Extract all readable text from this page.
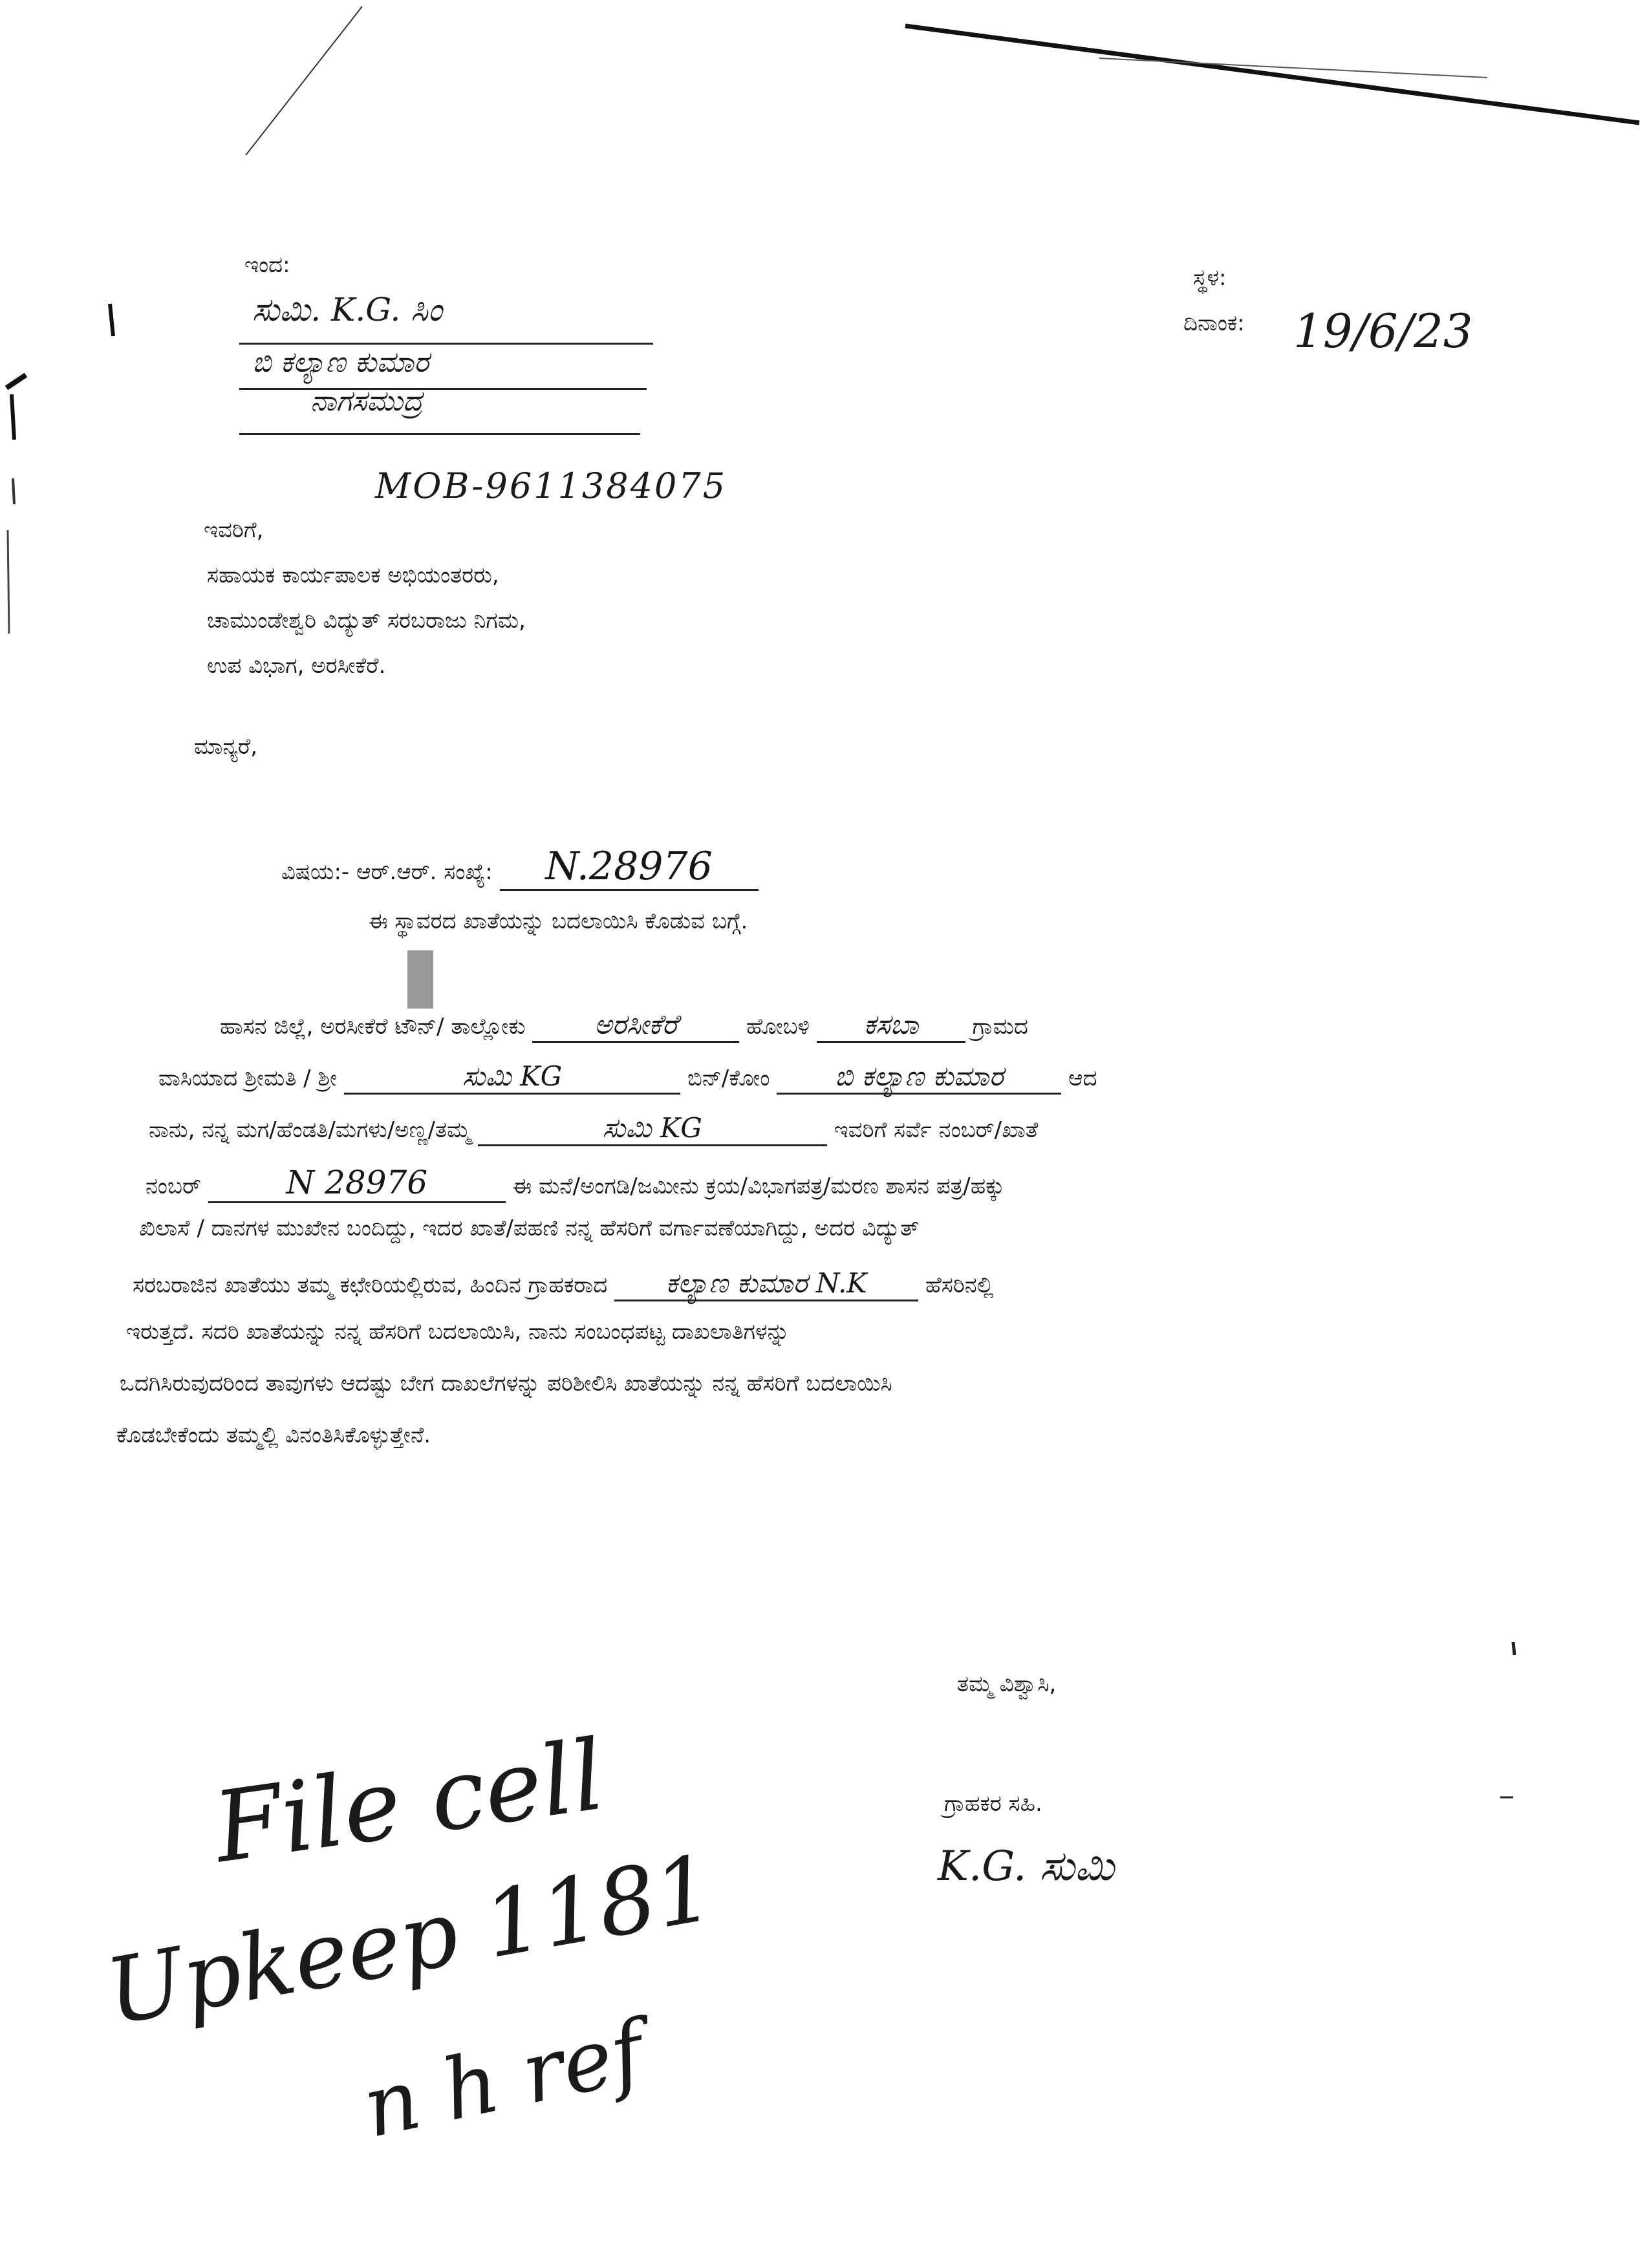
ಇಂದ:
ಸುಮಿ. K.G. ಸಿಂ
ಬಿ ಕಲ್ಯಾಣ ಕುಮಾರ
ನಾಗಸಮುದ್ರ
MOB-9611384075
ಸ್ಥಳ:
ದಿನಾಂಕ: 19/6/23
ಇವರಿಗೆ,
ಸಹಾಯಕ ಕಾರ್ಯಪಾಲಕ ಅಭಿಯಂತರರು,
ಚಾಮುಂಡೇಶ್ವರಿ ವಿದ್ಯುತ್ ಸರಬರಾಜು ನಿಗಮ,
ಉಪ ವಿಭಾಗ, ಅರಸೀಕೆರೆ.
ಮಾನ್ಯರೆ,
ವಿಷಯ:- ಆರ್.ಆರ್. ಸಂಖ್ಯೆ: N.28976
ಈ ಸ್ಥಾವರದ ಖಾತೆಯನ್ನು ಬದಲಾಯಿಸಿ ಕೊಡುವ ಬಗ್ಗೆ.
ಹಾಸನ ಜಿಲ್ಲೆ, ಅರಸೀಕೆರೆ ಟೌನ್/ ತಾಲ್ಲೋಕು	ಅರಸೀಕೆರೆ	ಹೋಬಳಿ ಕಸಬಾ ಗ್ರಾಮದ
ವಾಸಿಯಾದ ಶ್ರೀಮತಿ / ಶ್ರೀ	ಸುಮಿ KG	ಬಿನ್/ಕೋಂ ಬಿ ಕಲ್ಯಾಣ ಕುಮಾರ	ಆದ
ನಾನು, ನನ್ನ ಮಗ/ಹೆಂಡತಿ/ಮಗಳು/ಅಣ್ಣ/ತಮ್ಮ	ಸುಮಿ KG	ಇವರಿಗೆ ಸರ್ವೆ ನಂಬರ್/ಖಾತೆ
ನಂಬರ್	N 28976	ಈ ಮನೆ/ಅಂಗಡಿ/ಜಮೀನು ಕ್ರಯ/ವಿಭಾಗಪತ್ರ/ಮರಣ ಶಾಸನ ಪತ್ರ/ಹಕ್ಕು
ಖಿಲಾಸೆ / ದಾನಗಳ ಮುಖೇನ ಬಂದಿದ್ದು, ಇದರ ಖಾತೆ/ಪಹಣಿ ನನ್ನ ಹೆಸರಿಗೆ ವರ್ಗಾವಣೆಯಾಗಿದ್ದು, ಅದರ ವಿದ್ಯುತ್
ಸರಬರಾಜಿನ ಖಾತೆಯು ತಮ್ಮ ಕಛೇರಿಯಲ್ಲಿರುವ, ಹಿಂದಿನ ಗ್ರಾಹಕರಾದ ಕಲ್ಯಾಣ ಕುಮಾರ N.K	ಹೆಸರಿನಲ್ಲಿ
ಇರುತ್ತದೆ. ಸದರಿ ಖಾತೆಯನ್ನು ನನ್ನ ಹೆಸರಿಗೆ ಬದಲಾಯಿಸಿ, ನಾನು ಸಂಬಂಧಪಟ್ಟ ದಾಖಲಾತಿಗಳನ್ನು
ಒದಗಿಸಿರುವುದರಿಂದ ತಾವುಗಳು ಆದಷ್ಟು ಬೇಗ ದಾಖಲೆಗಳನ್ನು ಪರಿಶೀಲಿಸಿ ಖಾತೆಯನ್ನು ನನ್ನ ಹೆಸರಿಗೆ ಬದಲಾಯಿಸಿ
ಕೊಡಬೇಕೆಂದು ತಮ್ಮಲ್ಲಿ ವಿನಂತಿಸಿಕೊಳ್ಳುತ್ತೇನೆ.
ತಮ್ಮ ವಿಶ್ವಾಸಿ,
ಗ್ರಾಹಕರ ಸಹಿ.
K.G. ಸುಮಿ
File cell
Upkeep 1181
n h ref
